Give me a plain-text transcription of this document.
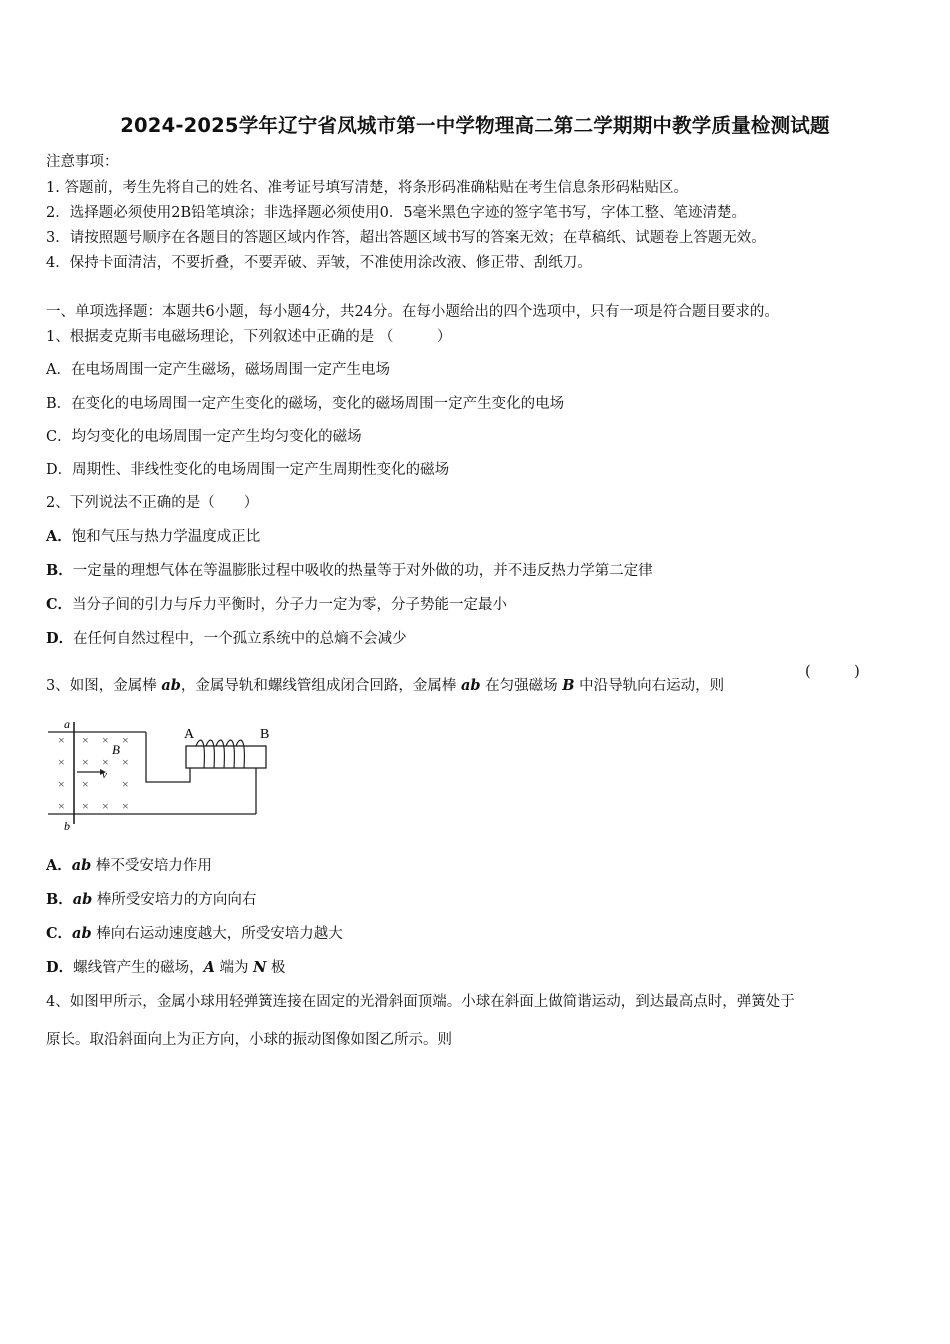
2024-2025学年辽宁省凤城市第一中学物理高二第二学期期中教学质量检测试题
注意事项：
1. 答题前，考生先将自己的姓名、准考证号填写清楚，将条形码准确粘贴在考生信息条形码粘贴区。
2．选择题必须使用2B铅笔填涂；非选择题必须使用0．5毫米黑色字迹的签字笔书写，字体工整、笔迹清楚。
3．请按照题号顺序在各题目的答题区域内作答，超出答题区域书写的答案无效；在草稿纸、试题卷上答题无效。
4．保持卡面清洁，不要折叠，不要弄破、弄皱，不准使用涂改液、修正带、刮纸刀。
一、单项选择题：本题共6小题，每小题4分，共24分。在每小题给出的四个选项中，只有一项是符合题目要求的。
1、根据麦克斯韦电磁场理论，下列叙述中正确的是 （　　　）
A．在电场周围一定产生磁场，磁场周围一定产生电场
B．在变化的电场周围一定产生变化的磁场，变化的磁场周围一定产生变化的电场
C．均匀变化的电场周围一定产生均匀变化的磁场
D．周期性、非线性变化的电场周围一定产生周期性变化的磁场
2、下列说法不正确的是（　　）
A．饱和气压与热力学温度成正比
B．一定量的理想气体在等温膨胀过程中吸收的热量等于对外做的功，并不违反热力学第二定律
C．当分子间的引力与斥力平衡时，分子力一定为零，分子势能一定最小
D．在任何自然过程中，一个孤立系统中的总熵不会减少
3、如图，金属棒 ab，金属导轨和螺线管组成闭合回路，金属棒 ab 在匀强磁场 B 中沿导轨向右运动，则
(　　　)
× × × ×
× × × ×
×	×
×
× × × ×
a
b
B
v
A	B
A．ab 棒不受安培力作用
B．ab 棒所受安培力的方向向右
C．ab 棒向右运动速度越大，所受安培力越大
D．螺线管产生的磁场，A 端为 N 极
4、如图甲所示，金属小球用轻弹簧连接在固定的光滑斜面顶端。小球在斜面上做简谐运动，到达最高点时，弹簧处于
原长。取沿斜面向上为正方向，小球的振动图像如图乙所示。则
